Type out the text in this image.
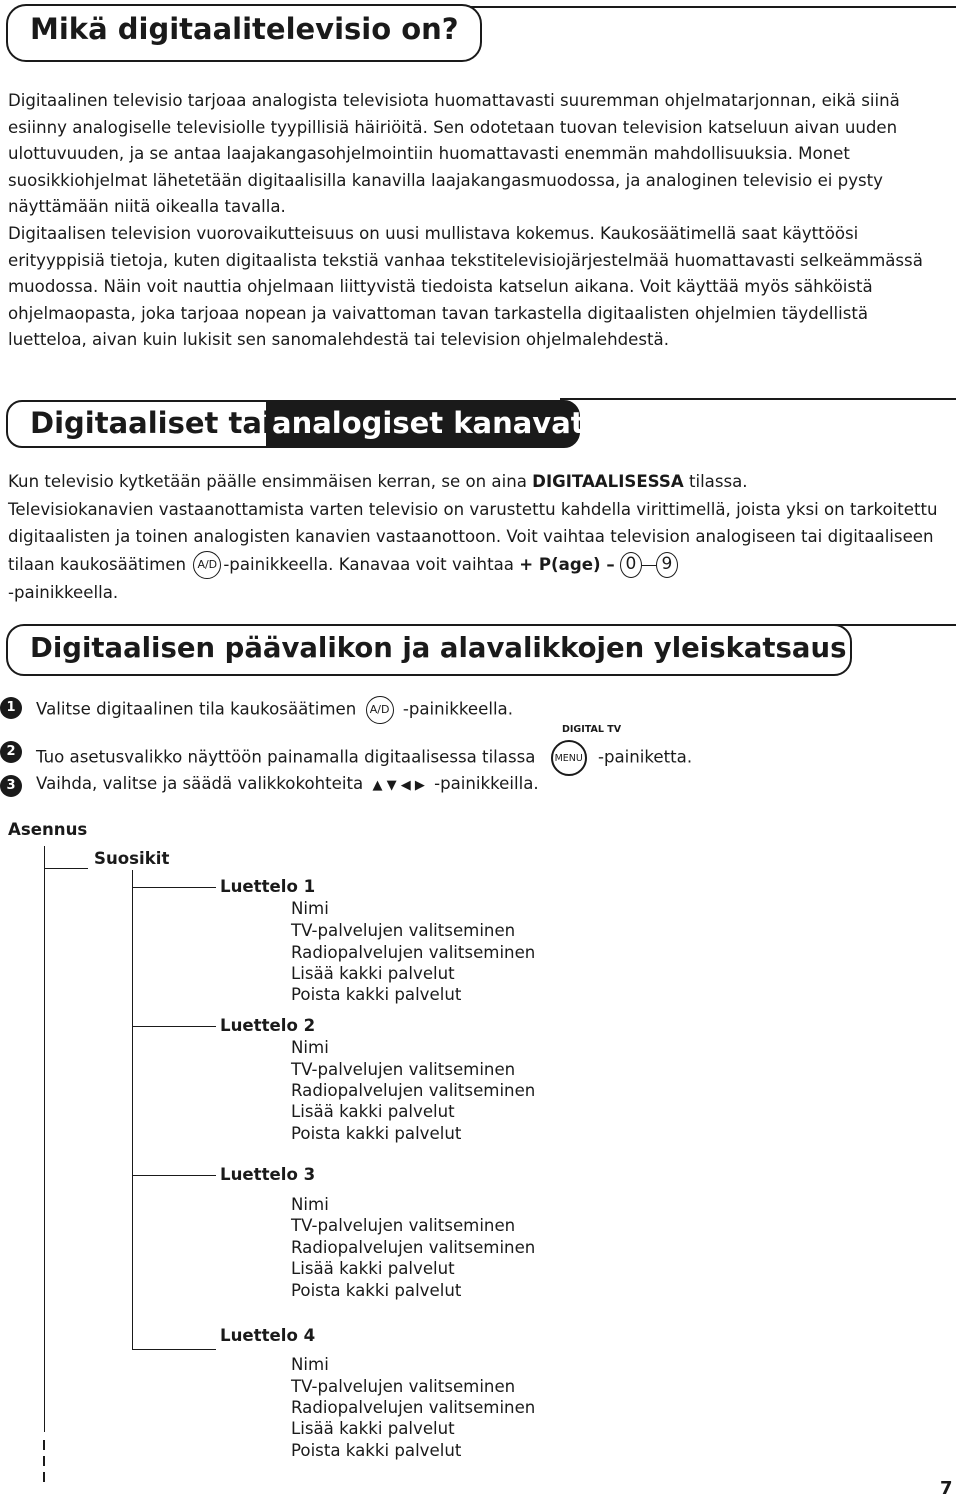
Mikä digitaalitelevisio on?

Digitaalinen televisio tarjoaa analogista televisiota huomattavasti suuremman ohjelmatarjonnan, eikä siinä esiinny analogiselle televisiolle tyypillisiä häiriöitä. Sen odotetaan tuovan television katseluun aivan uuden ulottuvuuden, ja se antaa laajakangasohjelmointiin huomattavasti enemmän mahdollisuuksia. Monet suosikkiohjelmat lähetetään digitaalisilla kanavilla laajakangasmuodossa, ja analoginen televisio ei pysty näyttämään niitä oikealla tavalla.

Digitaalisen television vuorovaikutteisuus on uusi mullistava kokemus. Kaukosäätimellä saat käyttöösi erityyppisiä tietoja, kuten digitaalista tekstiä vanhaa tekstitelevisiojärjestelmää huomattavasti selkeämmässä muodossa. Näin voit nauttia ohjelmaan liittyvistä tiedoista katselun aikana. Voit käyttää myös sähköistä ohjelmaopasta, joka tarjoaa nopean ja vaivattoman tavan tarkastella digitaalisten ohjelmien täydellistä luetteloa, aivan kuin lukisit sen sanomalehdestä tai television ohjelmalehdestä.

Digitaaliset tai analogiset kanavat

Kun televisio kytketään päälle ensimmäisen kerran, se on aina DIGITAALISESSA tilassa.

Televisiokanavien vastaanottamista varten televisio on varustettu kahdella virittimellä, joista yksi on tarkoitettu digitaalisten ja toinen analogisten kanavien vastaanottoon. Voit vaihtaa television analogiseen tai digitaaliseen tilaan kaukosäätimen A/D -painikkeella. Kanavaa voit vaihtaa + P(age) – 0 9
-painikkeella.

Digitaalisen päävalikon ja alavalikkojen yleiskatsaus
1	Valitse digitaalinen tila kaukosäätimen A/D -painikkeella.
DIGITAL TV
2	Tuo asetusvalikko näyttöön painamalla digitaalisessa tilassa MENU -painiketta.
3	Vaihda, valitse ja säädä valikkokohteita ▲ ▼ ◀ ▶ -painikkeilla.
Asennus
Suosikit
Luettelo 1
Nimi
TV-palvelujen valitseminen
Radiopalvelujen valitseminen
Lisää kakki palvelut
Poista kakki palvelut
Luettelo 2
Nimi
TV-palvelujen valitseminen
Radiopalvelujen valitseminen
Lisää kakki palvelut
Poista kakki palvelut
Luettelo 3
Nimi
TV-palvelujen valitseminen
Radiopalvelujen valitseminen
Lisää kakki palvelut
Poista kakki palvelut
Luettelo 4
Nimi
TV-palvelujen valitseminen
Radiopalvelujen valitseminen
Lisää kakki palvelut
Poista kakki palvelut
7
